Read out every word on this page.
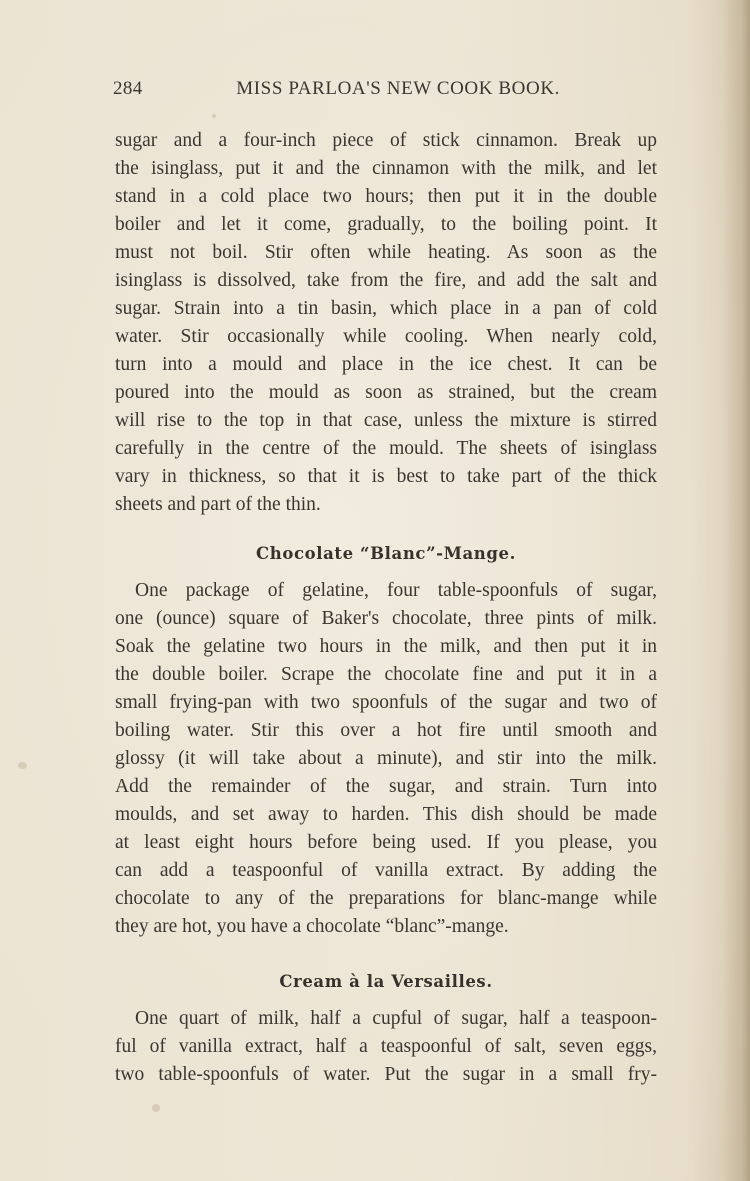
284	MISS PARLOA'S NEW COOK BOOK.
sugar and a four-inch piece of stick cinnamon. Break up
the isinglass, put it and the cinnamon with the milk, and let
stand in a cold place two hours; then put it in the double
boiler and let it come, gradually, to the boiling point. It
must not boil. Stir often while heating. As soon as the
isinglass is dissolved, take from the fire, and add the salt and
sugar. Strain into a tin basin, which place in a pan of cold
water. Stir occasionally while cooling. When nearly cold,
turn into a mould and place in the ice chest. It can be
poured into the mould as soon as strained, but the cream
will rise to the top in that case, unless the mixture is stirred
carefully in the centre of the mould. The sheets of isinglass
vary in thickness, so that it is best to take part of the thick
sheets and part of the thin.
Chocolate “Blanc”-Mange.
One package of gelatine, four table-spoonfuls of sugar,
one (ounce) square of Baker's chocolate, three pints of milk.
Soak the gelatine two hours in the milk, and then put it in
the double boiler. Scrape the chocolate fine and put it in a
small frying-pan with two spoonfuls of the sugar and two of
boiling water. Stir this over a hot fire until smooth and
glossy (it will take about a minute), and stir into the milk.
Add the remainder of the sugar, and strain. Turn into
moulds, and set away to harden. This dish should be made
at least eight hours before being used. If you please, you
can add a teaspoonful of vanilla extract. By adding the
chocolate to any of the preparations for blanc-mange while
they are hot, you have a chocolate “blanc”-mange.
Cream à la Versailles.
One quart of milk, half a cupful of sugar, half a teaspoon-
ful of vanilla extract, half a teaspoonful of salt, seven eggs,
two table-spoonfuls of water. Put the sugar in a small fry-
